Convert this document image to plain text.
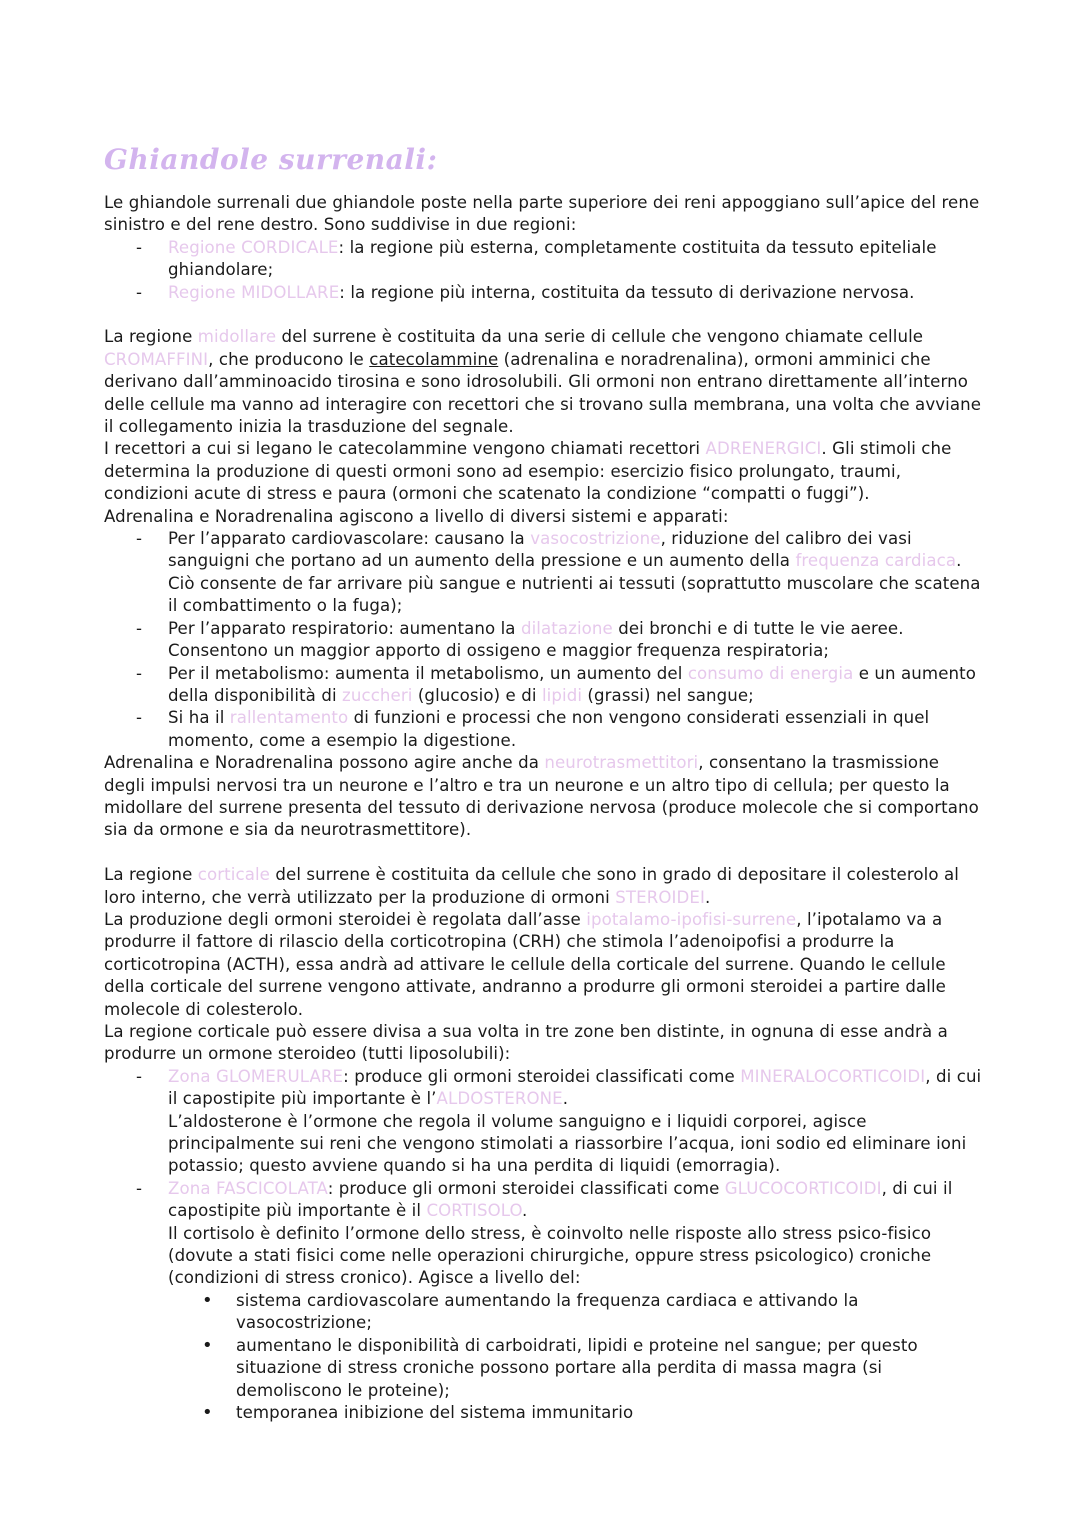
Ghiandole surrenali:

Le ghiandole surrenali due ghiandole poste nella parte superiore dei reni appoggiano sull’apice del rene sinistro e del rene destro. Sono suddivise in due regioni:

- Regione CORDICALE: la regione più esterna, completamente costituita da tessuto epiteliale ghiandolare;
- Regione MIDOLLARE: la regione più interna, costituita da tessuto di derivazione nervosa.

La regione midollare del surrene è costituita da una serie di cellule che vengono chiamate cellule CROMAFFINI, che producono le catecolammine (adrenalina e noradrenalina), ormoni amminici che derivano dall’amminoacido tirosina e sono idrosolubili. Gli ormoni non entrano direttamente all’interno delle cellule ma vanno ad interagire con recettori che si trovano sulla membrana, una volta che avviane il collegamento inizia la trasduzione del segnale.

I recettori a cui si legano le catecolammine vengono chiamati recettori ADRENERGICI. Gli stimoli che determina la produzione di questi ormoni sono ad esempio: esercizio fisico prolungato, traumi, condizioni acute di stress e paura (ormoni che scatenato la condizione “compatti o fuggi”).

Adrenalina e Noradrenalina agiscono a livello di diversi sistemi e apparati:

- Per l’apparato cardiovascolare: causano la vasocostrizione, riduzione del calibro dei vasi sanguigni che portano ad un aumento della pressione e un aumento della frequenza cardiaca. Ciò consente de far arrivare più sangue e nutrienti ai tessuti (soprattutto muscolare che scatena il combattimento o la fuga);
- Per l’apparato respiratorio: aumentano la dilatazione dei bronchi e di tutte le vie aeree. Consentono un maggior apporto di ossigeno e maggior frequenza respiratoria;
- Per il metabolismo: aumenta il metabolismo, un aumento del consumo di energia e un aumento della disponibilità di zuccheri (glucosio) e di lipidi (grassi) nel sangue;
- Si ha il rallentamento di funzioni e processi che non vengono considerati essenziali in quel momento, come a esempio la digestione.

Adrenalina e Noradrenalina possono agire anche da neurotrasmettitori, consentano la trasmissione degli impulsi nervosi tra un neurone e l’altro e tra un neurone e un altro tipo di cellula; per questo la midollare del surrene presenta del tessuto di derivazione nervosa (produce molecole che si comportano sia da ormone e sia da neurotrasmettitore).

La regione corticale del surrene è costituita da cellule che sono in grado di depositare il colesterolo al loro interno, che verrà utilizzato per la produzione di ormoni STEROIDEI.

La produzione degli ormoni steroidei è regolata dall’asse ipotalamo-ipofisi-surrene, l’ipotalamo va a produrre il fattore di rilascio della corticotropina (CRH) che stimola l’adenoipofisi a produrre la corticotropina (ACTH), essa andrà ad attivare le cellule della corticale del surrene. Quando le cellule della corticale del surrene vengono attivate, andranno a produrre gli ormoni steroidei a partire dalle molecole di colesterolo.

La regione corticale può essere divisa a sua volta in tre zone ben distinte, in ognuna di esse andrà a produrre un ormone steroideo (tutti liposolubili):

- Zona GLOMERULARE: produce gli ormoni steroidei classificati come MINERALOCORTICOIDI, di cui il capostipite più importante è l’ALDOSTERONE.
L’aldosterone è l’ormone che regola il volume sanguigno e i liquidi corporei, agisce principalmente sui reni che vengono stimolati a riassorbire l’acqua, ioni sodio ed eliminare ioni potassio; questo avviene quando si ha una perdita di liquidi (emorragia).
- Zona FASCICOLATA: produce gli ormoni steroidei classificati come GLUCOCORTICOIDI, di cui il capostipite più importante è il CORTISOLO.
Il cortisolo è definito l’ormone dello stress, è coinvolto nelle risposte allo stress psico-fisico (dovute a stati fisici come nelle operazioni chirurgiche, oppure stress psicologico) croniche (condizioni di stress cronico). Agisce a livello del:
• sistema cardiovascolare aumentando la frequenza cardiaca e attivando la vasocostrizione;
• aumentano le disponibilità di carboidrati, lipidi e proteine nel sangue; per questo situazione di stress croniche possono portare alla perdita di massa magra (si demoliscono le proteine);
• temporanea inibizione del sistema immunitario
